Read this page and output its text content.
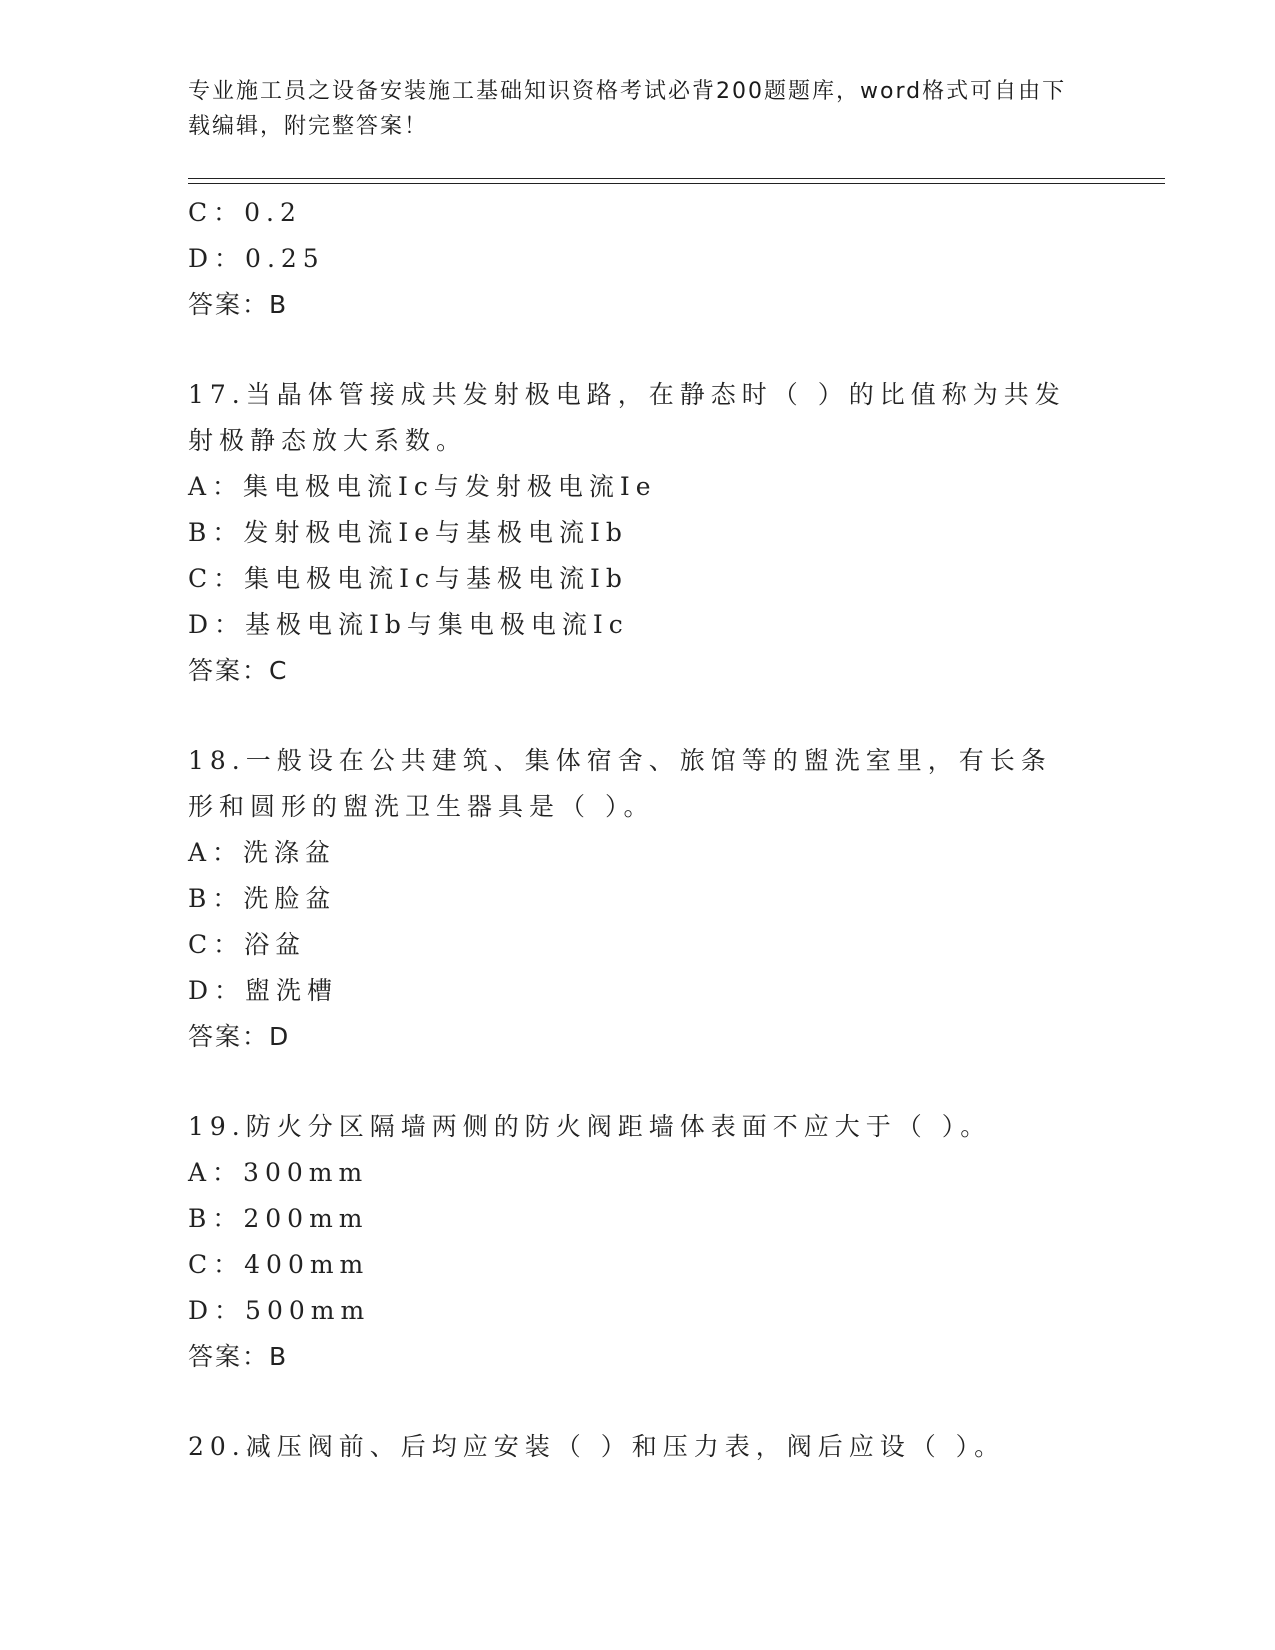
专业施工员之设备安装施工基础知识资格考试必背200题题库，word格式可自由下载编辑，附完整答案！
C：0.2
D：0.25
答案：B
17.当晶体管接成共发射极电路，在静态时（ ）的比值称为共发射极静态放大系数。
A：集电极电流Ic与发射极电流Ie
B：发射极电流Ie与基极电流Ib
C：集电极电流Ic与基极电流Ib
D：基极电流Ib与集电极电流Ic
答案：C
18.一般设在公共建筑、集体宿舍、旅馆等的盥洗室里，有长条形和圆形的盥洗卫生器具是（ ）。
A：洗涤盆
B：洗脸盆
C：浴盆
D：盥洗槽
答案：D
19.防火分区隔墙两侧的防火阀距墙体表面不应大于（ ）。
A：300mm
B：200mm
C：400mm
D：500mm
答案：B
20.减压阀前、后均应安装（ ）和压力表，阀后应设（ ）。
